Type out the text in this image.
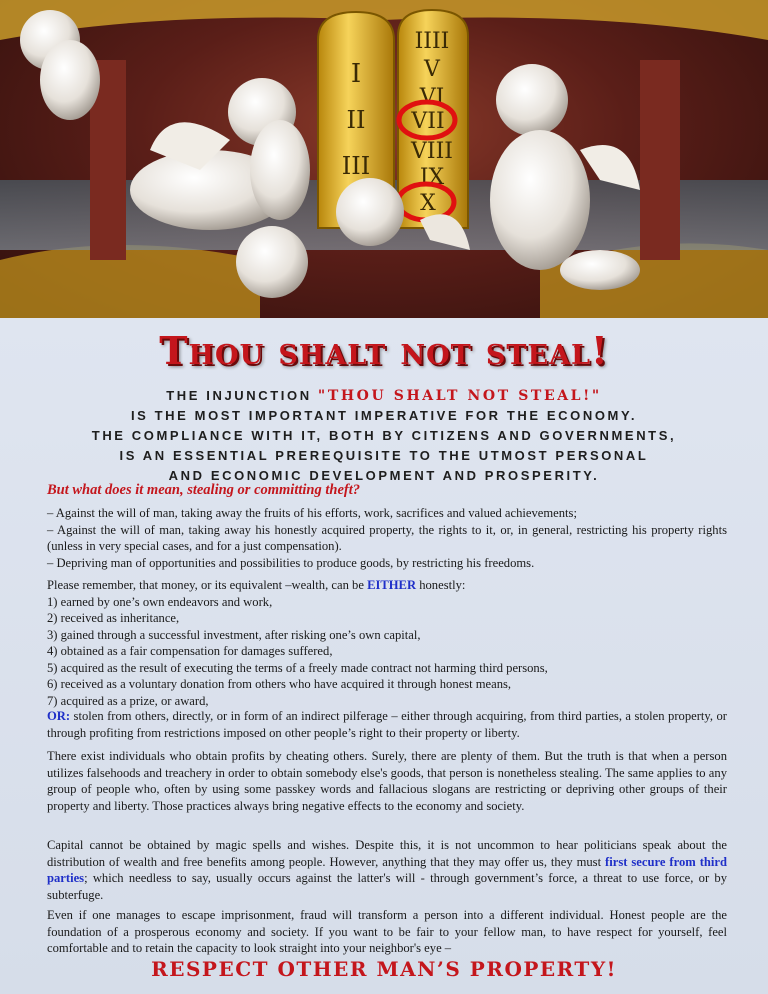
I
II
III
IIII
V
VI
VII
VIII
IX
X
Thou shalt not steal!
THE INJUNCTION "THOU SHALT NOT STEAL!"
IS THE MOST IMPORTANT IMPERATIVE FOR THE ECONOMY.
THE COMPLIANCE WITH IT, BOTH BY CITIZENS AND GOVERNMENTS,
IS AN ESSENTIAL PREREQUISITE TO THE UTMOST PERSONAL
AND ECONOMIC DEVELOPMENT AND PROSPERITY.
But what does it mean, stealing or committing theft?
– Against the will of man, taking away the fruits of his efforts, work, sacrifices and valued achievements;
– Against the will of man, taking away his honestly acquired property, the rights to it, or, in general, restricting his property rights (unless in very special cases, and for a just compensation).
– Depriving man of opportunities and possibilities to produce goods, by restricting his freedoms.
Please remember, that money, or its equivalent –wealth, can be EITHER honestly:
1) earned by one’s own endeavors and work,
2) received as inheritance,
3) gained through a successful investment, after risking one’s own capital,
4) obtained as a fair compensation for damages suffered,
5) acquired as the result of executing the terms of a freely made contract not harming third persons,
6) received as a voluntary donation from others who have acquired it through honest means,
7) acquired as a prize, or award,
OR: stolen from others, directly, or in form of an indirect pilferage – either through acquiring, from third parties, a stolen property, or through profiting from restrictions imposed on other people’s right to their property or liberty.
There exist individuals who obtain profits by cheating others. Surely, there are plenty of them. But the truth is that when a person utilizes falsehoods and treachery in order to obtain somebody else's goods, that person is nonetheless stealing. The same applies to any group of people who, often by using some passkey words and fallacious slogans are restricting or depriving other groups of their property and liberty. Those practices always bring negative effects to the economy and society.
Capital cannot be obtained by magic spells and wishes. Despite this, it is not uncommon to hear politicians speak about the distribution of wealth and free benefits among people. However, anything that they may offer us, they must first secure from third parties; which needless to say, usually occurs against the latter's will - through government’s force, a threat to use force, or by subterfuge.
Even if one manages to escape imprisonment, fraud will transform a person into a different individual. Honest people are the foundation of a prosperous economy and society. If you want to be fair to your fellow man, to have respect for yourself, feel comfortable and to retain the capacity to look straight into your neighbor's eye –
RESPECT OTHER MAN’S PROPERTY!
